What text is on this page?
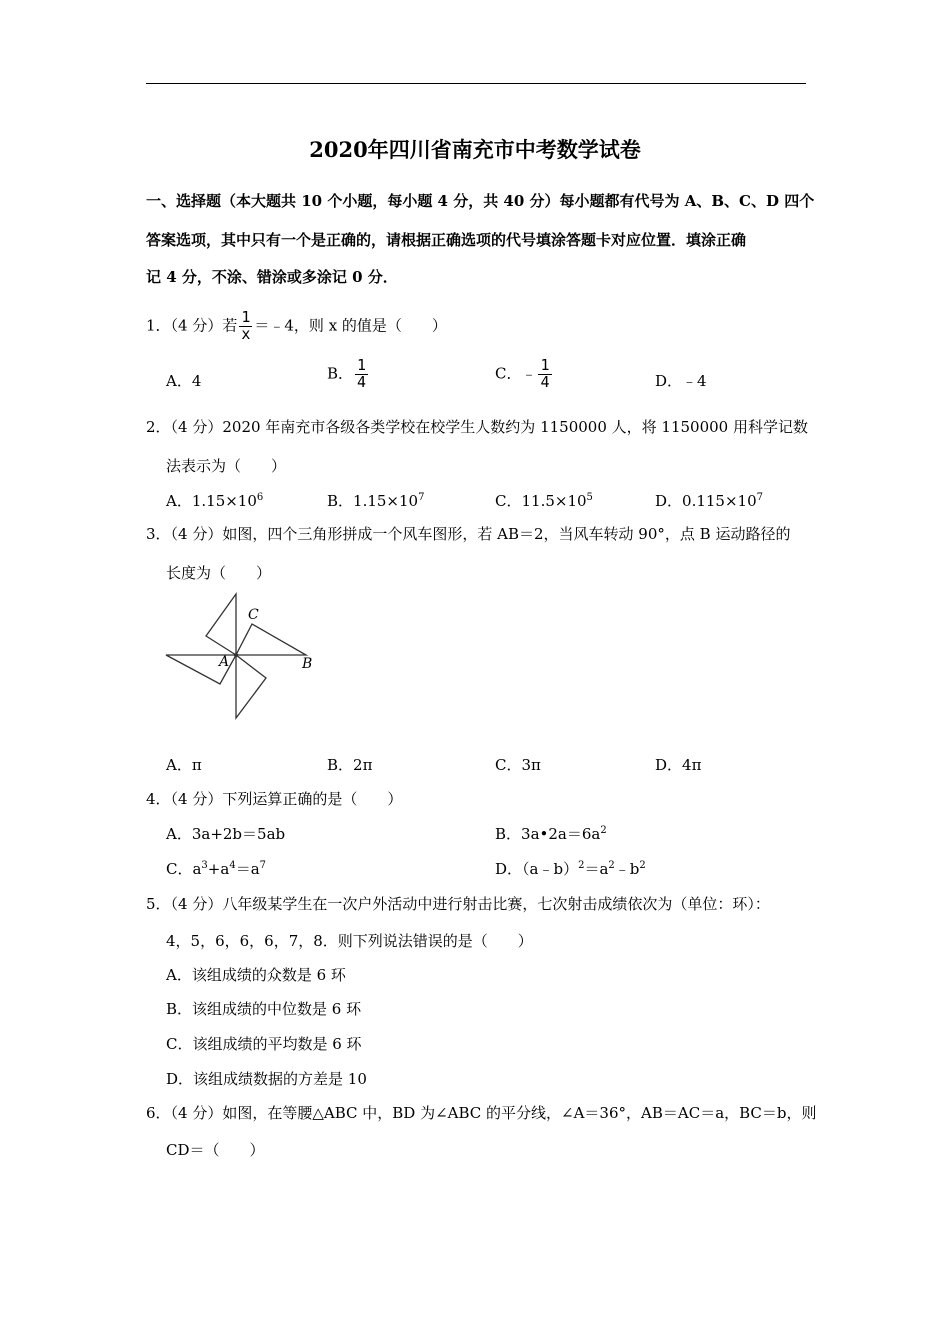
2020年四川省南充市中考数学试卷
一、选择题（本大题共 10 个小题，每小题 4 分，共 40 分）每小题都有代号为 A、B、C、D 四个
答案选项，其中只有一个是正确的，请根据正确选项的代号填涂答题卡对应位置．填涂正确
记 4 分，不涂、错涂或多涂记 0 分．
1．（4 分）若 $\frac{1}{x}$ ＝﹣4，则 x 的值是（　　）
A．4	B． $\frac{1}{4}$	C．﹣ $\frac{1}{4}$	D．﹣4
2．（4 分）2020 年南充市各级各类学校在校学生人数约为 1150000 人，将 1150000 用科学记数
法表示为（　　）
A．$1.15\times 10^6$	B．$1.15\times 10^7$	C．$11.5\times 10^5$	D．$0.115\times 10^7$
3．（4 分）如图，四个三角形拼成一个风车图形，若 AB＝2，当风车转动 90°，点 B 运动路径的
长度为（　　）
A	B
C
A．π	B．2π	C．3π	D．4π
4．（4 分）下列运算正确的是（　　）
A．3a+2b＝5ab	B．$3a•2a=6a^2$
C．$a^3+a^4=a^7$	D．$(a﹣b)^2=a^2﹣b^2$
5．（4 分）八年级某学生在一次户外活动中进行射击比赛，七次射击成绩依次为（单位：环）：
4，5，6，6，6，7，8．则下列说法错误的是（　　）
A．该组成绩的众数是 6 环
B．该组成绩的中位数是 6 环
C．该组成绩的平均数是 6 环
D．该组成绩数据的方差是 10
6．（4 分）如图，在等腰△ABC 中，BD 为∠ABC 的平分线，∠A＝36°，AB＝AC＝a，BC＝b，则
CD＝（　　）
